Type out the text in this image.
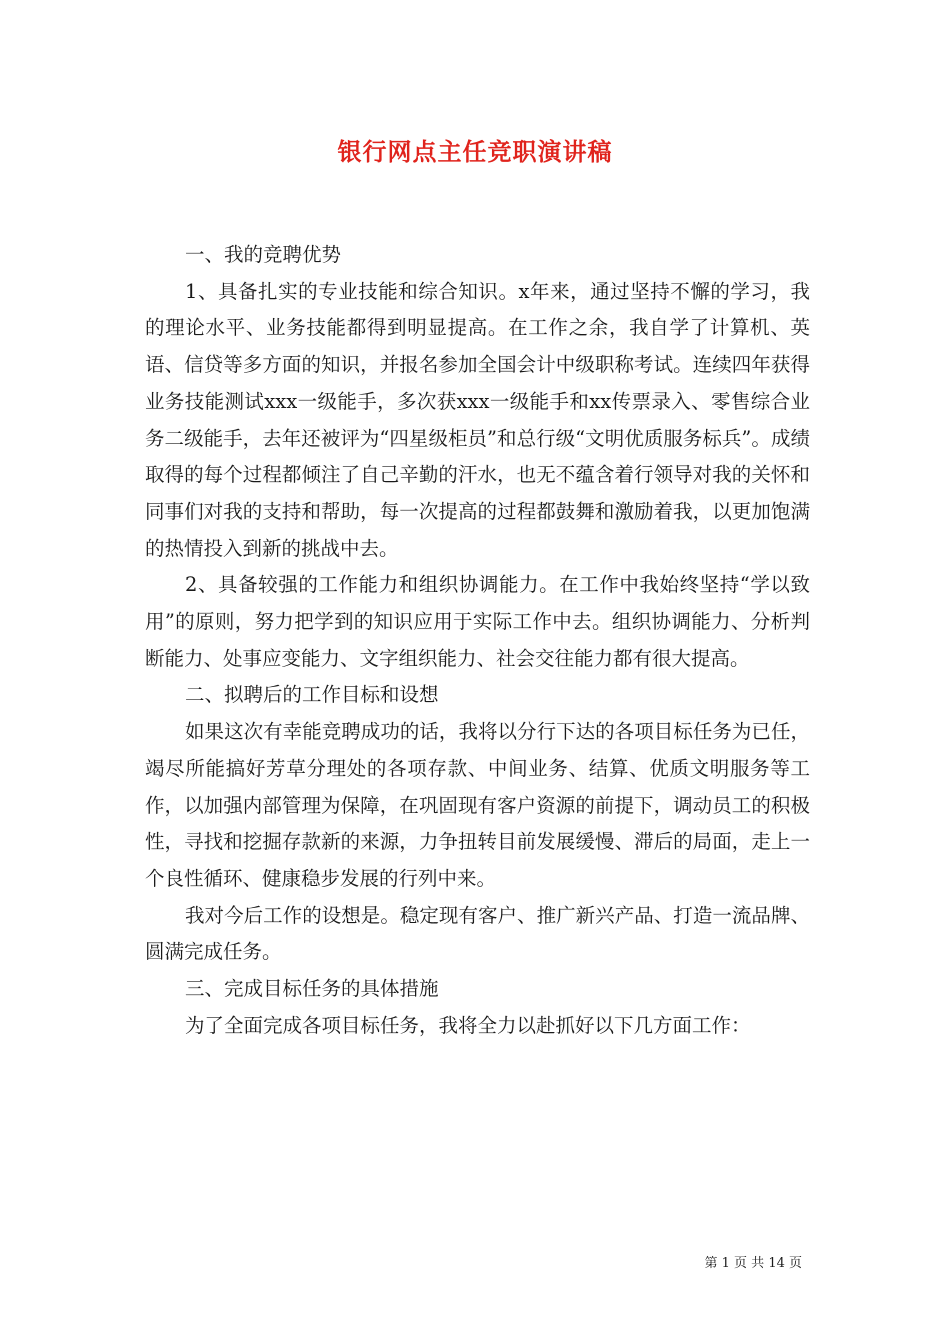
银行网点主任竞职演讲稿

一、我的竞聘优势

1、具备扎实的专业技能和综合知识。x年来，通过坚持不懈的学习，我的理论水平、业务技能都得到明显提高。在工作之余，我自学了计算机、英语、信贷等多方面的知识，并报名参加全国会计中级职称考试。连续四年获得业务技能测试xxx一级能手，多次获xxx一级能手和xx传票录入、零售综合业务二级能手，去年还被评为“四星级柜员”和总行级“文明优质服务标兵”。成绩取得的每个过程都倾注了自己辛勤的汗水，也无不蕴含着行领导对我的关怀和同事们对我的支持和帮助，每一次提高的过程都鼓舞和激励着我，以更加饱满的热情投入到新的挑战中去。

2、具备较强的工作能力和组织协调能力。在工作中我始终坚持“学以致用”的原则，努力把学到的知识应用于实际工作中去。组织协调能力、分析判断能力、处事应变能力、文字组织能力、社会交往能力都有很大提高。

二、拟聘后的工作目标和设想

如果这次有幸能竞聘成功的话，我将以分行下达的各项目标任务为已任，竭尽所能搞好芳草分理处的各项存款、中间业务、结算、优质文明服务等工作，以加强内部管理为保障，在巩固现有客户资源的前提下，调动员工的积极性，寻找和挖掘存款新的来源，力争扭转目前发展缓慢、滞后的局面，走上一个良性循环、健康稳步发展的行列中来。

我对今后工作的设想是。稳定现有客户、推广新兴产品、打造一流品牌、圆满完成任务。

三、完成目标任务的具体措施

为了全面完成各项目标任务，我将全力以赴抓好以下几方面工作：

第 1 页 共 14 页
